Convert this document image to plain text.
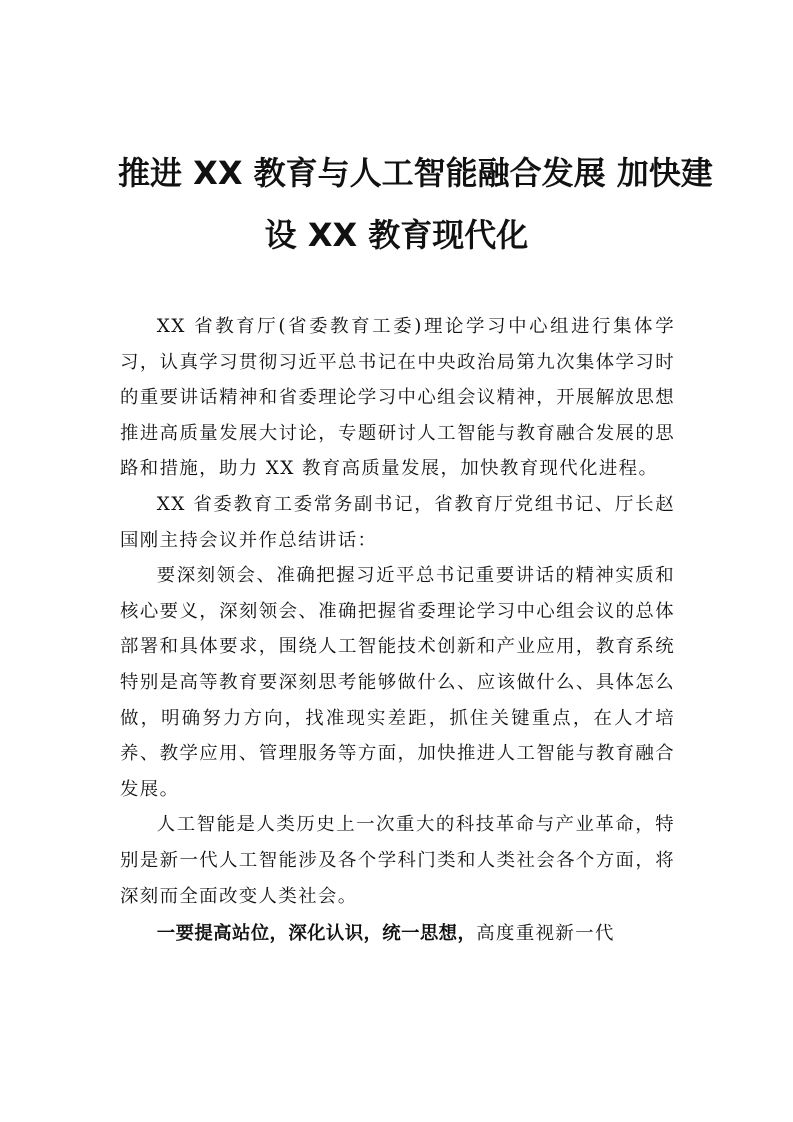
推进 XX 教育与人工智能融合发展 加快建
设 XX 教育现代化

XX 省教育厅(省委教育工委)理论学习中心组进行集体学习，认真学习贯彻习近平总书记在中央政治局第九次集体学习时的重要讲话精神和省委理论学习中心组会议精神，开展解放思想推进高质量发展大讨论，专题研讨人工智能与教育融合发展的思路和措施，助力 XX 教育高质量发展，加快教育现代化进程。

XX 省委教育工委常务副书记，省教育厅党组书记、厅长赵国刚主持会议并作总结讲话：

要深刻领会、准确把握习近平总书记重要讲话的精神实质和核心要义，深刻领会、准确把握省委理论学习中心组会议的总体部署和具体要求，围绕人工智能技术创新和产业应用，教育系统特别是高等教育要深刻思考能够做什么、应该做什么、具体怎么做，明确努力方向，找准现实差距，抓住关键重点，在人才培养、教学应用、管理服务等方面，加快推进人工智能与教育融合发展。

人工智能是人类历史上一次重大的科技革命与产业革命，特别是新一代人工智能涉及各个学科门类和人类社会各个方面，将深刻而全面改变人类社会。

一要提高站位，深化认识，统一思想，高度重视新一代
